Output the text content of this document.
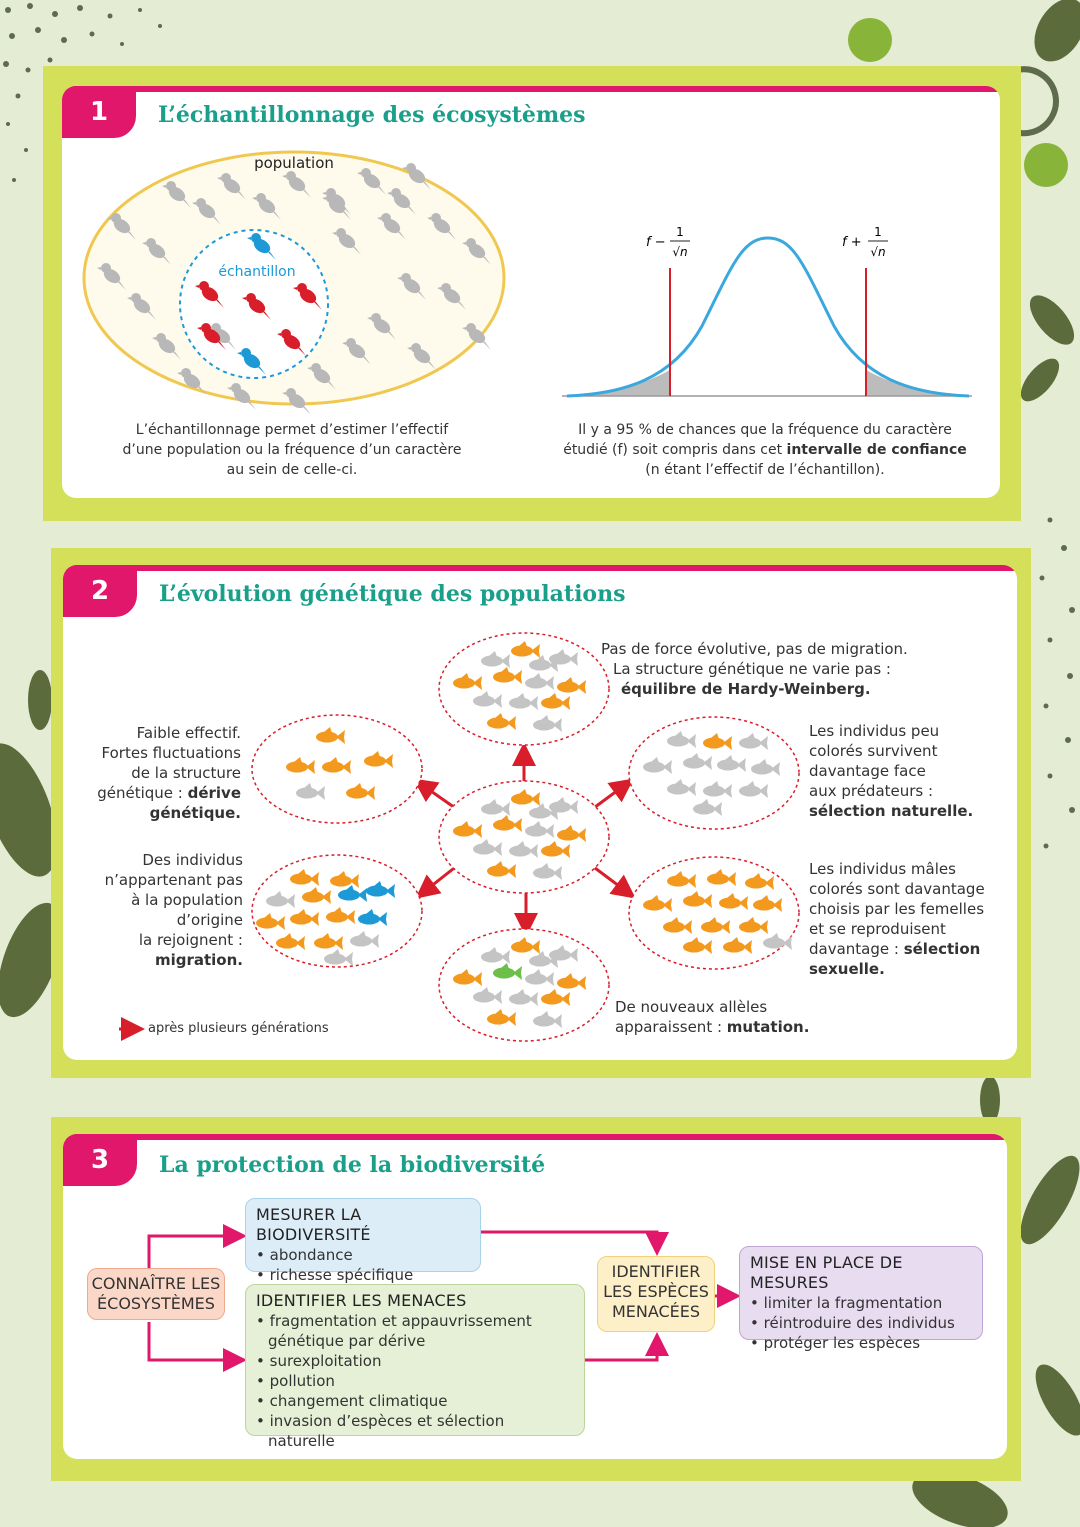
1	L’échantillonnage des écosystèmes
population
échantillon
L’échantillonnage permet d’estimer l’effectif
d’une population ou la fréquence d’un caractère
au sein de celle-ci.
f −
1
√n
f +
1
√n
Il y a 95 % de chances que la fréquence du caractère
étudié (f) soit compris dans cet intervalle de confiance
(n étant l’effectif de l’échantillon).
2	L’évolution génétique des populations
Pas de force évolutive, pas de migration.
La structure génétique ne varie pas :
équilibre de Hardy-Weinberg.
Faible effectif.
Fortes fluctuations
de la structure
génétique : dérive
génétique.
Des individus
n’appartenant pas
à la population
d’origine
la rejoignent :
migration.
Les individus peu
colorés survivent
davantage face
aux prédateurs :
sélection naturelle.
Les individus mâles
colorés sont davantage
choisis par les femelles
et se reproduisent
davantage : sélection
sexuelle.
De nouveaux allèles
apparaissent : mutation.
après plusieurs générations
3	La protection de la biodiversité
CONNAÎTRE LES
ÉCOSYSTÈMES
MESURER LA BIODIVERSITÉ
• abondance
• richesse spécifique
IDENTIFIER LES MENACES
• fragmentation et appauvrissement génétique par dérive
• surexploitation
• pollution
• changement climatique
• invasion d’espèces et sélection naturelle
IDENTIFIER
LES ESPÈCES
MENACÉES
MISE EN PLACE DE MESURES
• limiter la fragmentation
• réintroduire des individus
• protéger les espèces
